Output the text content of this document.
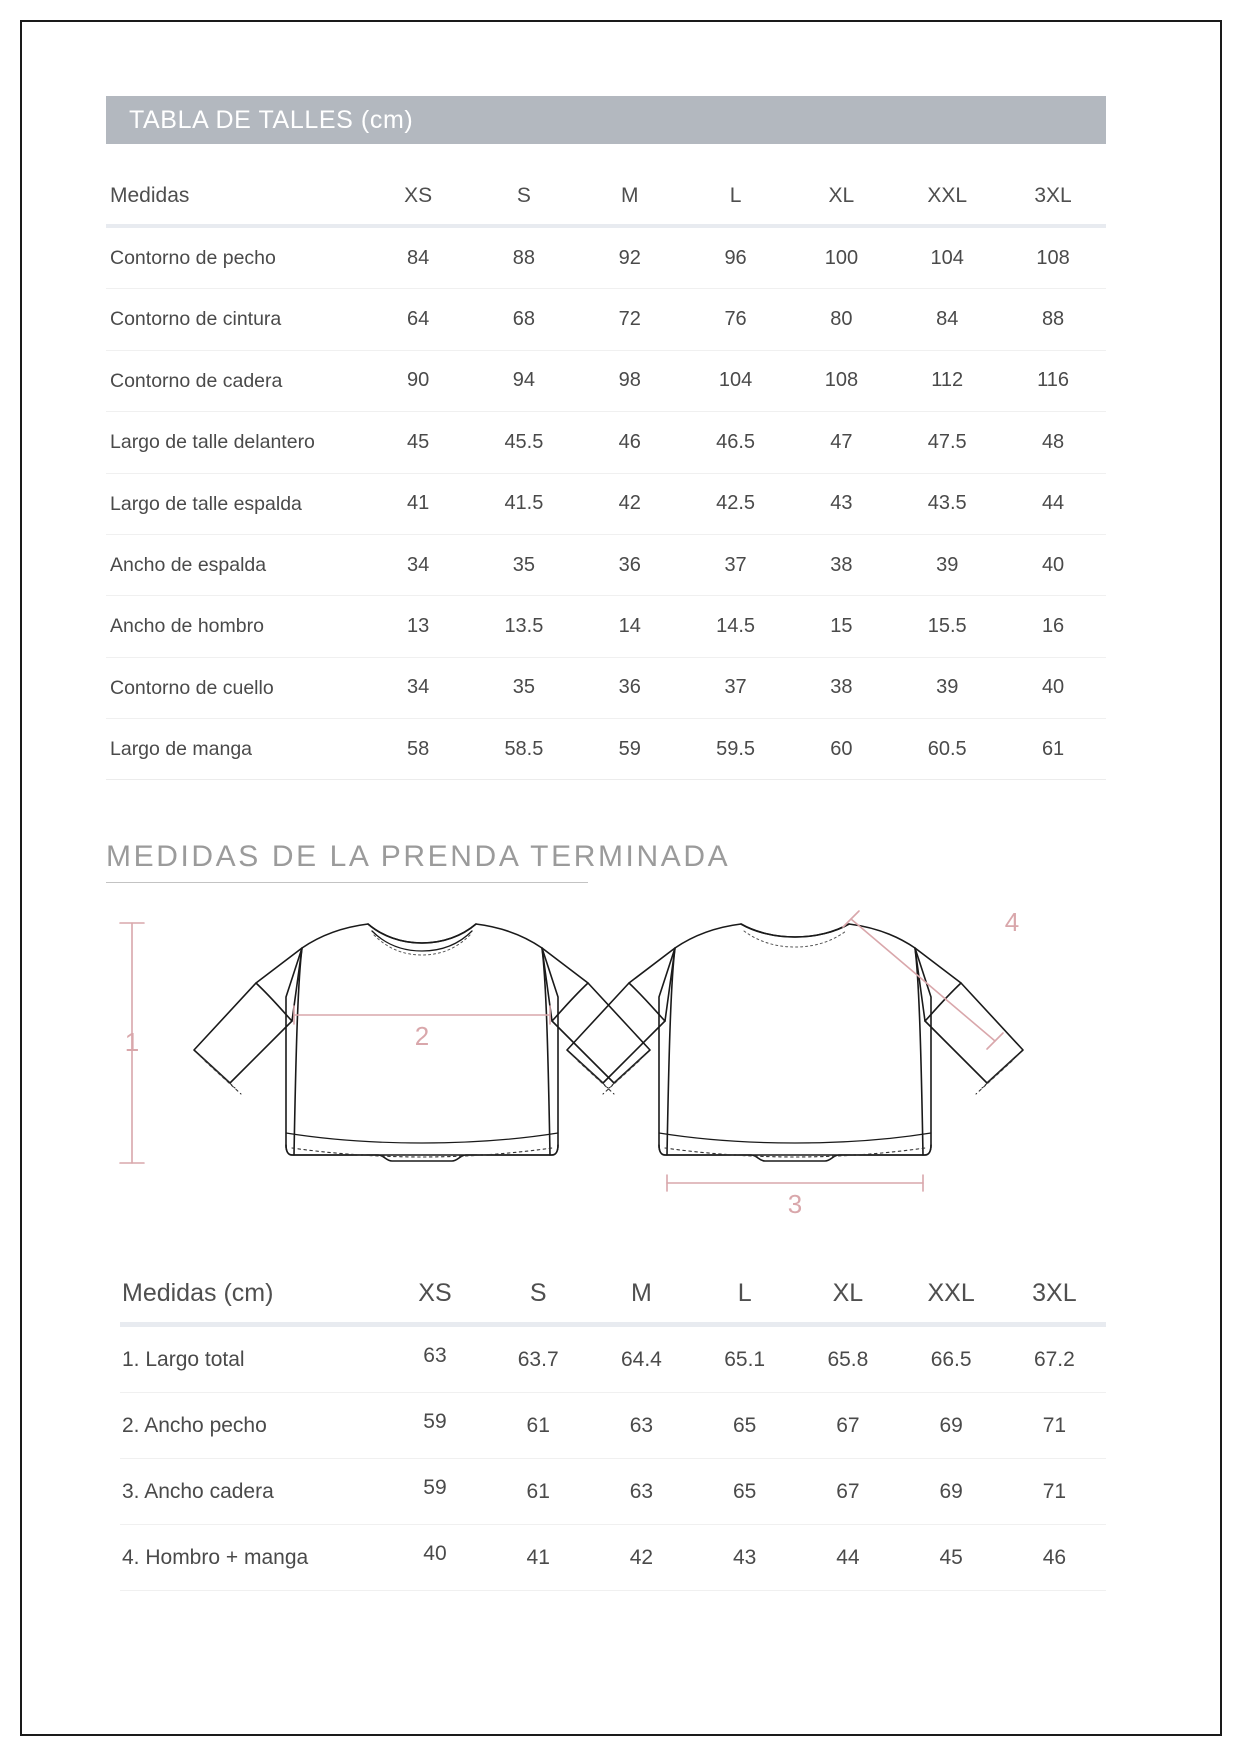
TABLA DE TALLES (cm)
Medidas	XS	S	M	L	XL	XXL	3XL
Contorno de pecho	84	88	92	96	100	104	108
Contorno de cintura	64	68	72	76	80	84	88
Contorno de cadera	90	94	98	104	108	112	116
Largo de talle delantero	45	45.5	46	46.5	47	47.5	48
Largo de talle espalda	41	41.5	42	42.5	43	43.5	44
Ancho de espalda	34	35	36	37	38	39	40
Ancho de hombro	13	13.5	14	14.5	15	15.5	16
Contorno de cuello	34	35	36	37	38	39	40
Largo de manga	58	58.5	59	59.5	60	60.5	61
MEDIDAS DE LA PRENDA TERMINADA
1	2
3
4
Medidas (cm)	XS	S	M	L	XL	XXL	3XL
1. Largo total	63	63.7	64.4	65.1	65.8	66.5	67.2
2. Ancho pecho	59	61	63	65	67	69	71
3. Ancho cadera	59	61	63	65	67	69	71
4. Hombro + manga	40	41	42	43	44	45	46
